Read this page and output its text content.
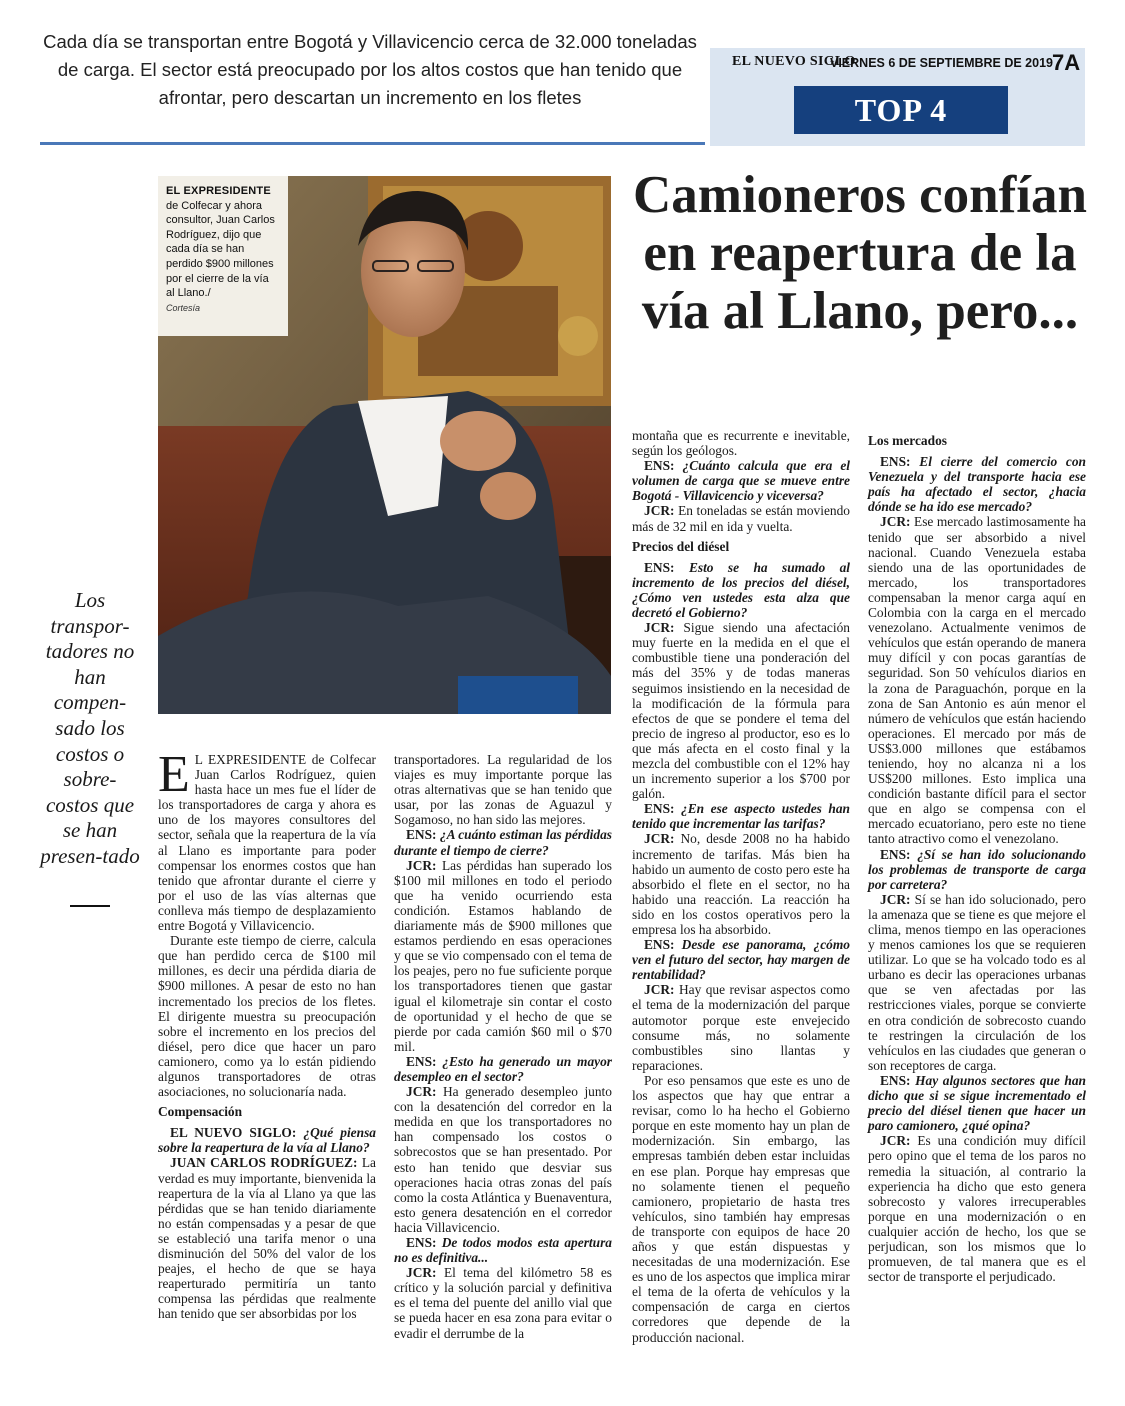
Cada día se transportan entre Bogotá y Villavicencio cerca de 32.000 toneladas de carga. El sector está preocupado por los altos costos que han tenido que afrontar, pero descartan un incremento en los fletes
EL NUEVO SIGLO
VIERNES 6 DE SEPTIEMBRE DE 2019 7A
TOP 4
Camioneros confían en reapertura de la vía al Llano, pero...
EL EXPRESIDENTE
de Colfecar y ahora consultor, Juan Carlos Rodríguez, dijo que cada día se han perdido $900 millones por el cierre de la vía al Llano./
Cortesía
Los transpor-tadores no han compen-sado los costos o sobre-costos que se han presen-tado

E L EXPRESIDENTE de Colfecar Juan Carlos Rodríguez, quien hasta hace un mes fue el líder de los transportadores de carga y ahora es uno de los mayores consultores del sector, señala que la reapertura de la vía al Llano es importante para poder compensar los enormes costos que han tenido que afrontar durante el cierre y por el uso de las vías alternas que conlleva más tiempo de desplazamiento entre Bogotá y Villavicencio.

Durante este tiempo de cierre, calcula que han perdido cerca de $100 mil millones, es decir una pérdida diaria de $900 millones. A pesar de esto no han incrementado los precios de los fletes. El dirigente muestra su preocupación sobre el incremento en los precios del diésel, pero dice que hacer un paro camionero, como ya lo están pidiendo algunos transportadores de otras asociaciones, no solucionaría nada.

Compensación

EL NUEVO SIGLO: ¿Qué piensa sobre la reapertura de la vía al Llano?

JUAN CARLOS RODRÍGUEZ: La verdad es muy importante, bienvenida la reapertura de la vía al Llano ya que las pérdidas que se han tenido diariamente no están compensadas y a pesar de que se estableció una tarifa menor o una disminución del 50% del valor de los peajes, el hecho de que se haya reaperturado permitiría un tanto compensa las pérdidas que realmente han tenido que ser absorbidas por los

transportadores. La regularidad de los viajes es muy importante porque las otras alternativas que se han tenido que usar, por las zonas de Aguazul y Sogamoso, no han sido las mejores.

ENS: ¿A cuánto estiman las pérdidas durante el tiempo de cierre?

JCR: Las pérdidas han superado los $100 mil millones en todo el periodo que ha venido ocurriendo esta condición. Estamos hablando de diariamente más de $900 millones que estamos perdiendo en esas operaciones y que se vio compensado con el tema de los peajes, pero no fue suficiente porque los transportadores tienen que gastar igual el kilometraje sin contar el costo de oportunidad y el hecho de que se pierde por cada camión $60 mil o $70 mil.

ENS: ¿Esto ha generado un mayor desempleo en el sector?

JCR: Ha generado desempleo junto con la desatención del corredor en la medida en que los transportadores no han compensado los costos o sobrecostos que se han presentado. Por esto han tenido que desviar sus operaciones hacia otras zonas del país como la costa Atlántica y Buenaventura, esto genera desatención en el corredor hacia Villavicencio.

ENS: De todos modos esta apertura no es definitiva...

JCR: El tema del kilómetro 58 es crítico y la solución parcial y definitiva es el tema del puente del anillo vial que se pueda hacer en esa zona para evitar o evadir el derrumbe de la

montaña que es recurrente e inevitable, según los geólogos.

ENS: ¿Cuánto calcula que era el volumen de carga que se mueve entre Bogotá - Villavicencio y viceversa?

JCR: En toneladas se están moviendo más de 32 mil en ida y vuelta.

Precios del diésel

ENS: Esto se ha sumado al incremento de los precios del diésel, ¿Cómo ven ustedes esta alza que decretó el Gobierno?

JCR: Sigue siendo una afectación muy fuerte en la medida en el que el combustible tiene una ponderación del más del 35% y de todas maneras seguimos insistiendo en la necesidad de la modificación de la fórmula para efectos de que se pondere el tema del precio de ingreso al productor, eso es lo que más afecta en el costo final y la mezcla del combustible con el 12% hay un incremento superior a los $700 por galón.

ENS: ¿En ese aspecto ustedes han tenido que incrementar las tarifas?

JCR: No, desde 2008 no ha habido incremento de tarifas. Más bien ha habido un aumento de costo pero este ha absorbido el flete en el sector, no ha habido una reacción. La reacción ha sido en los costos operativos pero la empresa los ha absorbido.

ENS: Desde ese panorama, ¿cómo ven el futuro del sector, hay margen de rentabilidad?

JCR: Hay que revisar aspectos como el tema de la modernización del parque automotor porque este envejecido consume más, no solamente combustibles sino llantas y reparaciones.

Por eso pensamos que este es uno de los aspectos que hay que entrar a revisar, como lo ha hecho el Gobierno porque en este momento hay un plan de modernización. Sin embargo, las empresas también deben estar incluidas en ese plan. Porque hay empresas que no solamente tienen el pequeño camionero, propietario de hasta tres vehículos, sino también hay empresas de transporte con equipos de hace 20 años y que están dispuestas y necesitadas de una modernización. Ese es uno de los aspectos que implica mirar el tema de la oferta de vehículos y la compensación de carga en ciertos corredores que depende de la producción nacional.

Los mercados

ENS: El cierre del comercio con Venezuela y del transporte hacia ese país ha afectado el sector, ¿hacia dónde se ha ido ese mercado?

JCR: Ese mercado lastimosamente ha tenido que ser absorbido a nivel nacional. Cuando Venezuela estaba siendo una de las oportunidades de mercado, los transportadores compensaban la menor carga aquí en Colombia con la carga en el mercado venezolano. Actualmente venimos de vehículos que están operando de manera muy difícil y con pocas garantías de seguridad. Son 50 vehículos diarios en la zona de Paraguachón, porque en la zona de San Antonio es aún menor el número de vehículos que están haciendo operaciones. El mercado por más de US$3.000 millones que estábamos teniendo, hoy no alcanza ni a los US$200 millones. Esto implica una condición bastante difícil para el sector que en algo se compensa con el mercado ecuatoriano, pero este no tiene tanto atractivo como el venezolano.

ENS: ¿Sí se han ido solucionando los problemas de transporte de carga por carretera?

JCR: Sí se han ido solucionado, pero la amenaza que se tiene es que mejore el clima, menos tiempo en las operaciones y menos camiones los que se requieren utilizar. Lo que se ha volcado todo es al urbano es decir las operaciones urbanas que se ven afectadas por las restricciones viales, porque se convierte en otra condición de sobrecosto cuando te restringen la circulación de los vehículos en las ciudades que generan o son receptores de carga.

ENS: Hay algunos sectores que han dicho que si se sigue incrementado el precio del diésel tienen que hacer un paro camionero, ¿qué opina?

JCR: Es una condición muy difícil pero opino que el tema de los paros no remedia la situación, al contrario la experiencia ha dicho que esto genera sobrecosto y valores irrecuperables porque en una modernización o en cualquier acción de hecho, los que se perjudican, son los mismos que lo promueven, de tal manera que es el sector de transporte el perjudicado.
